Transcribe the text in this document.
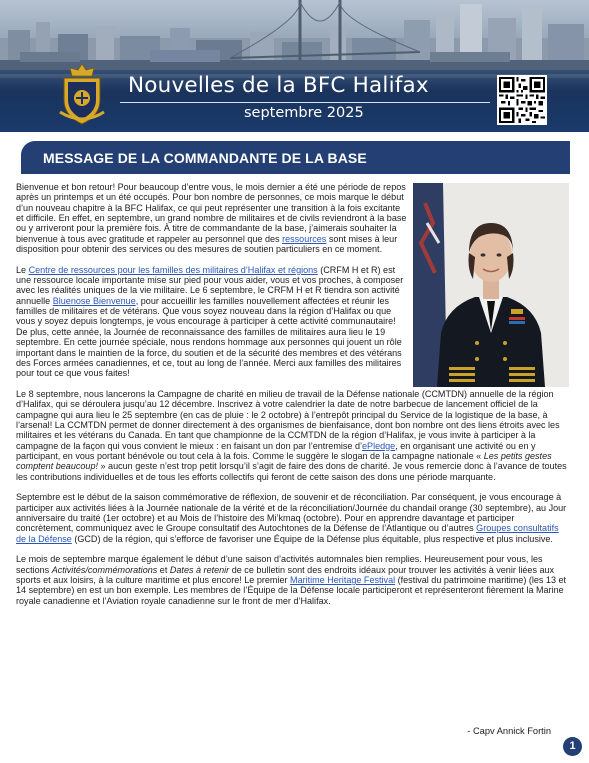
Nouvelles de la BFC Halifax
septembre 2025
MESSAGE DE LA COMMANDANTE DE LA BASE

Bienvenue et bon retour! Pour beaucoup d’entre vous, le mois dernier a été une période de repos après un printemps et un été occupés. Pour bon nombre de personnes, ce mois marque le début d’un nouveau chapitre à la BFC Halifax, ce qui peut représenter une transition à la fois excitante et difficile. En effet, en septembre, un grand nombre de militaires et de civils reviendront à la base ou y arriveront pour la première fois. À titre de commandante de la base, j’aimerais souhaiter la bienvenue à tous avec gratitude et rappeler au personnel que des ressources sont mises à leur disposition pour obtenir des services ou des mesures de soutien particuliers en ce moment.

Le Centre de ressources pour les familles des militaires d’Halifax et régions (CRFM H et R) est une ressource locale importante mise sur pied pour vous aider, vous et vos proches, à composer avec les réalités uniques de la vie militaire. Le 6 septembre, le CRFM H et R tiendra son activité annuelle Bluenose Bienvenue, pour accueillir les familles nouvellement affectées et réunir les familles de militaires et de vétérans. Que vous soyez nouveau dans la région d’Halifax ou que vous y soyez depuis longtemps, je vous encourage à participer à cette activité communautaire! De plus, cette année, la Journée de reconnaissance des familles de militaires aura lieu le 19 septembre. En cette journée spéciale, nous rendons hommage aux personnes qui jouent un rôle important dans le maintien de la force, du soutien et de la sécurité des membres et des vétérans des Forces armées canadiennes, et ce, tout au long de l’année. Merci aux familles des militaires pour tout ce que vous faites!

Le 8 septembre, nous lancerons la Campagne de charité en milieu de travail de la Défense nationale (CCMTDN) annuelle de la région d’Halifax, qui se déroulera jusqu’au 12 décembre. Inscrivez à votre calendrier la date de notre barbecue de lancement officiel de la campagne qui aura lieu le 25 septembre (en cas de pluie : le 2 octobre) à l’entrepôt principal du Service de la logistique de la base, à l’arsenal! La CCMTDN permet de donner directement à des organismes de bienfaisance, dont bon nombre ont des liens étroits avec les militaires et les vétérans du Canada. En tant que championne de la CCMTDN de la région d’Halifax, je vous invite à participer à la campagne de la façon qui vous convient le mieux : en faisant un don par l’entremise d’ePledge, en organisant une activité ou en y participant, en vous portant bénévole ou tout cela à la fois. Comme le suggère le slogan de la campagne nationale « Les petits gestes comptent beaucoup! » aucun geste n’est trop petit lorsqu’il s’agit de faire des dons de charité. Je vous remercie donc à l’avance de toutes les contributions individuelles et de tous les efforts collectifs qui feront de cette saison des dons une période marquante.

Septembre est le début de la saison commémorative de réflexion, de souvenir et de réconciliation. Par conséquent, je vous encourage à participer aux activités liées à la Journée nationale de la vérité et de la réconciliation/Journée du chandail orange (30 septembre), au Jour anniversaire du traité (1er octobre) et au Mois de l’histoire des Mi’kmaq (octobre). Pour en apprendre davantage et participer concrètement, communiquez avec le Groupe consultatif des Autochtones de la Défense de l’Atlantique ou d’autres Groupes consultatifs de la Défense (GCD) de la région, qui s’efforce de favoriser une Équipe de la Défense plus équitable, plus respective et plus inclusive.

Le mois de septembre marque également le début d’une saison d’activités automnales bien remplies. Heureusement pour vous, les sections Activités/commémorations et Dates à retenir de ce bulletin sont des endroits idéaux pour trouver les activités à venir liées aux sports et aux loisirs, à la culture maritime et plus encore! Le premier Maritime Heritage Festival (festival du patrimoine maritime) (les 13 et 14 septembre) en est un bon exemple. Les membres de l’Équipe de la Défense locale participeront et représenteront fièrement la Marine royale canadienne et l’Aviation royale canadienne sur le front de mer d’Halifax.

- Capv Annick Fortin
1
